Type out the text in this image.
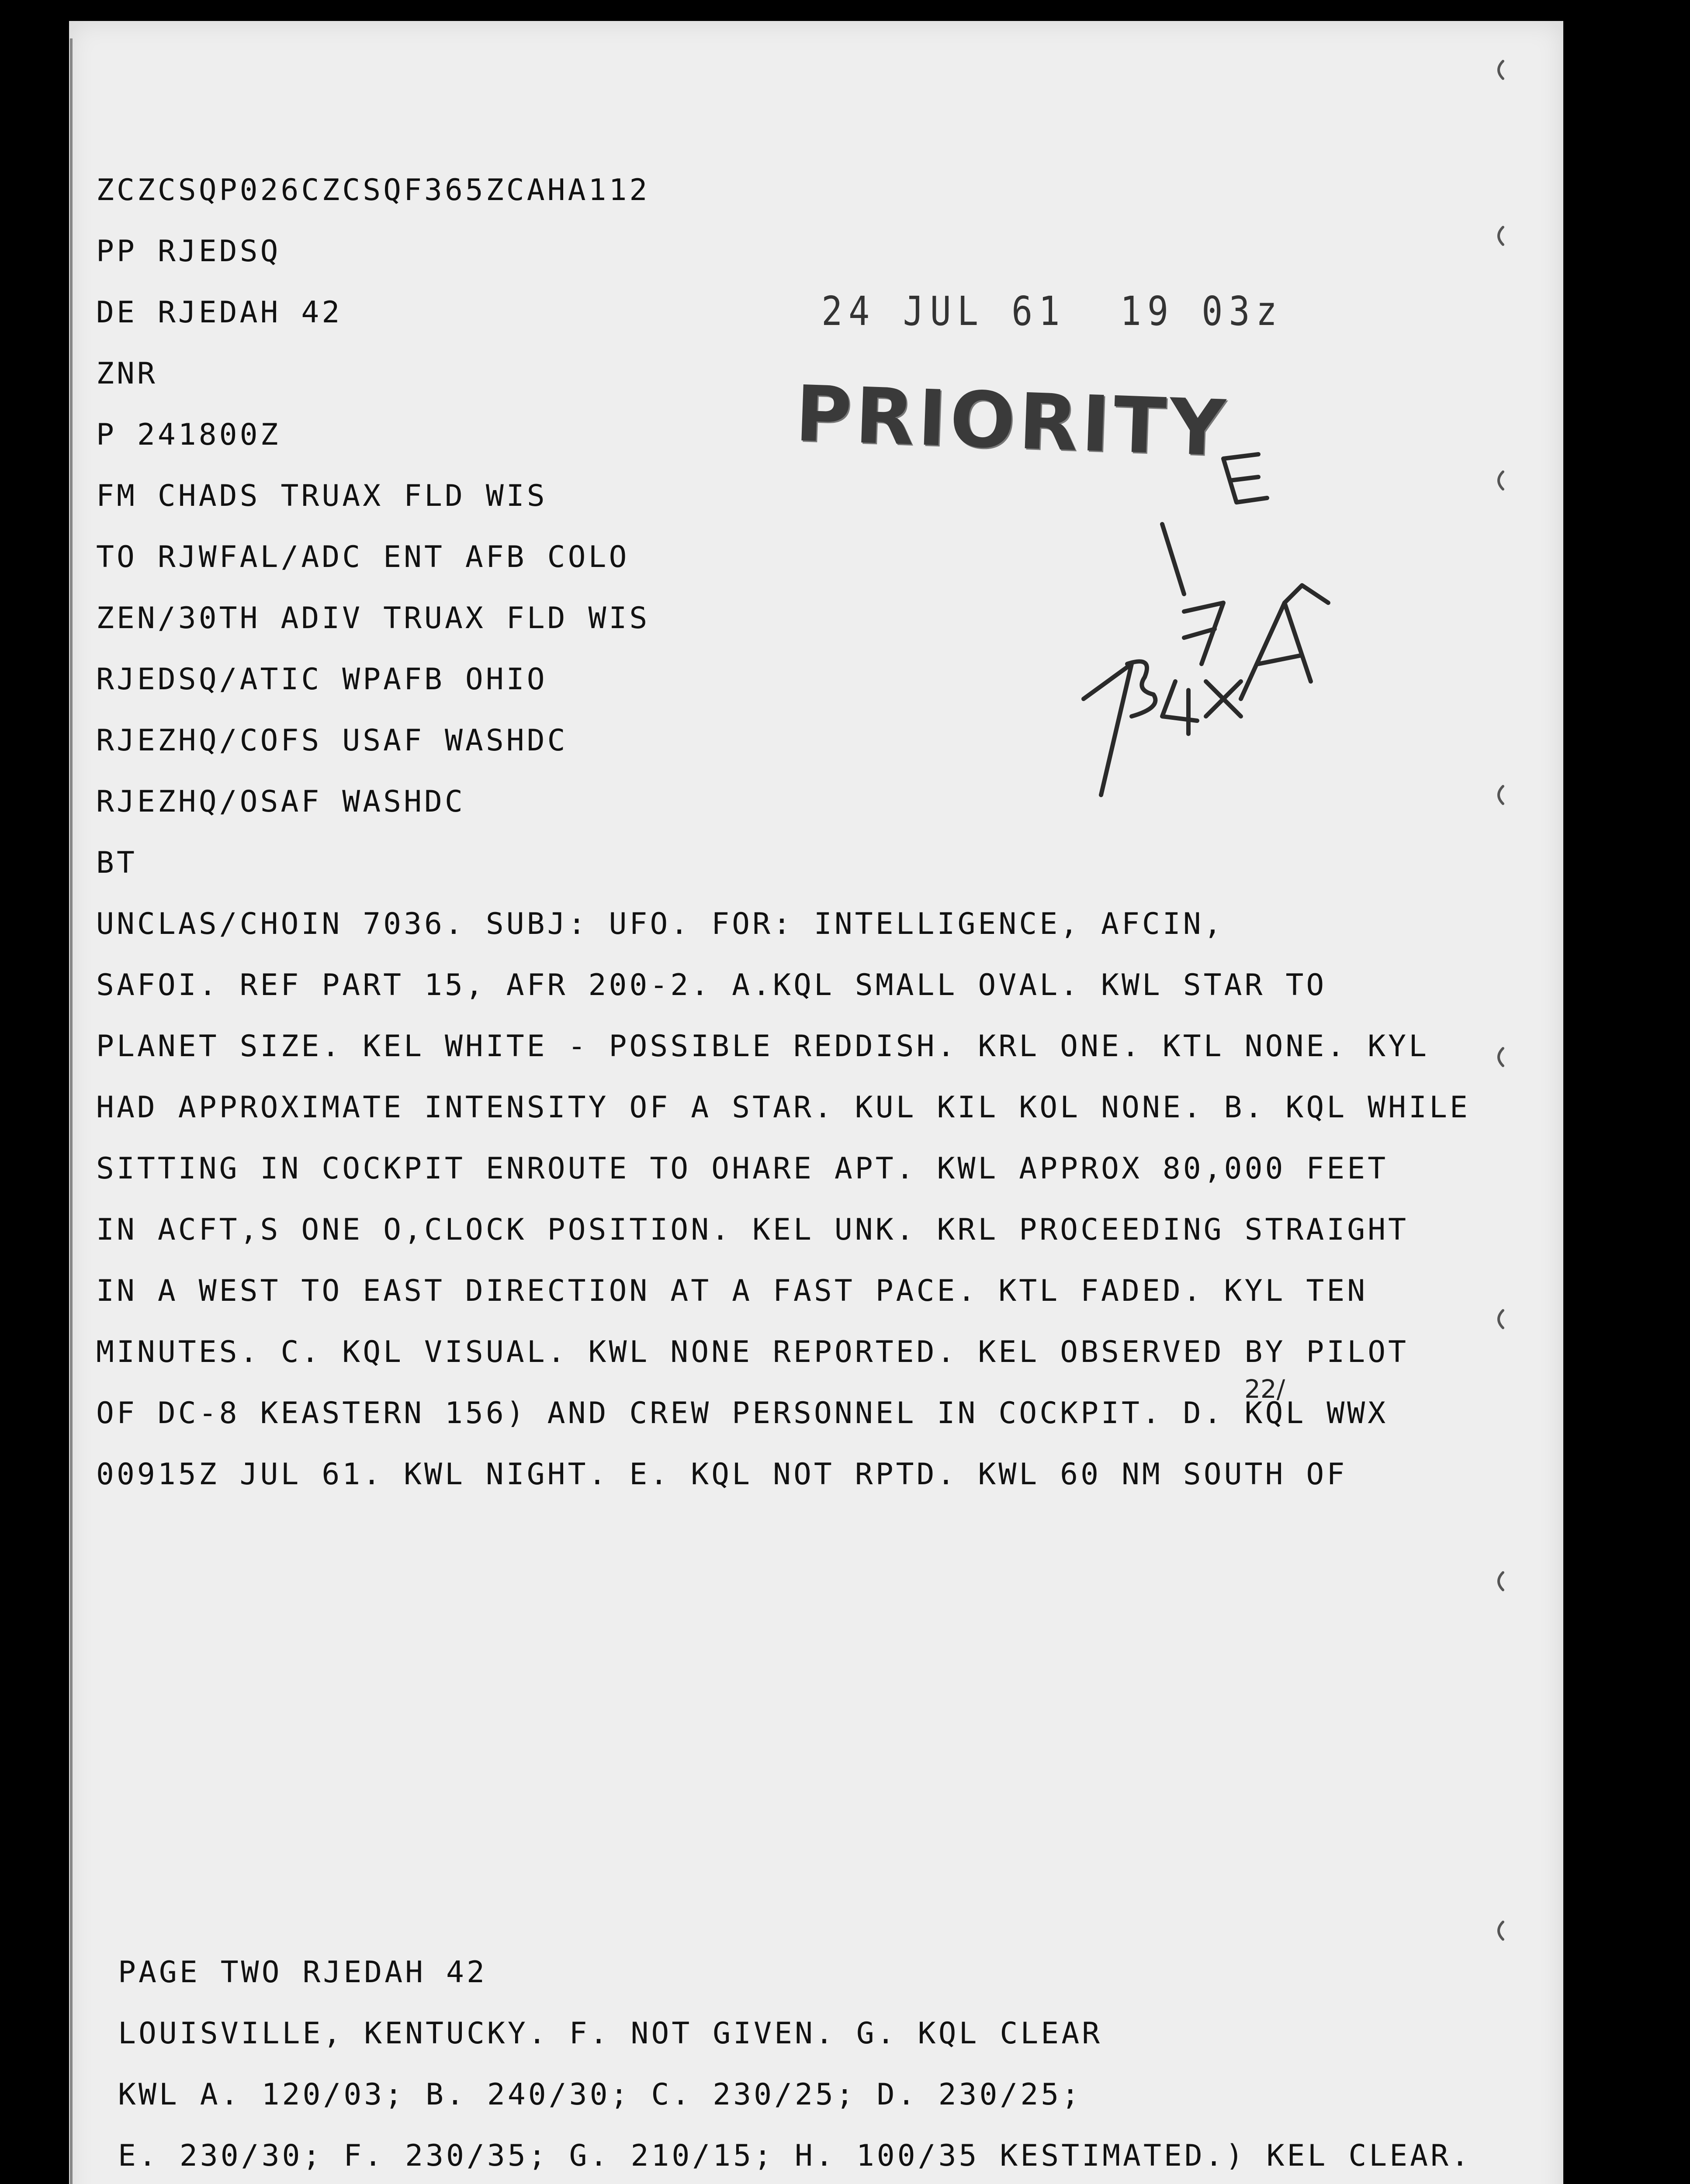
ZCZCSQP026CZCSQF365ZCAHA112
PP RJEDSQ
DE RJEDAH 42
ZNR
P 241800Z
FM CHADS TRUAX FLD WIS
TO RJWFAL/ADC ENT AFB COLO
ZEN/30TH ADIV TRUAX FLD WIS
RJEDSQ/ATIC WPAFB OHIO
RJEZHQ/COFS USAF WASHDC
RJEZHQ/OSAF WASHDC
BT
24 JUL 61  19 03z
PRIORITY
22/
UNCLAS/CHOIN 7036. SUBJ: UFO. FOR: INTELLIGENCE, AFCIN,
SAFOI. REF PART 15, AFR 200-2. A.KQL SMALL OVAL. KWL STAR TO
PLANET SIZE. KEL WHITE - POSSIBLE REDDISH. KRL ONE. KTL NONE. KYL
HAD APPROXIMATE INTENSITY OF A STAR. KUL KIL KOL NONE. B. KQL WHILE
SITTING IN COCKPIT ENROUTE TO OHARE APT. KWL APPROX 80,000 FEET
IN ACFT,S ONE O,CLOCK POSITION. KEL UNK. KRL PROCEEDING STRAIGHT
IN A WEST TO EAST DIRECTION AT A FAST PACE. KTL FADED. KYL TEN
MINUTES. C. KQL VISUAL. KWL NONE REPORTED. KEL OBSERVED BY PILOT
OF DC-8 KEASTERN 156) AND CREW PERSONNEL IN COCKPIT. D. KQL WWX
00915Z JUL 61. KWL NIGHT. E. KQL NOT RPTD. KWL 60 NM SOUTH OF
PAGE TWO RJEDAH 42
LOUISVILLE, KENTUCKY. F. NOT GIVEN. G. KQL CLEAR
KWL A. 120/03; B. 240/30; C. 230/25; D. 230/25;
E. 230/30; F. 230/35; G. 210/15; H. 100/35 KESTIMATED.) KEL CLEAR.
